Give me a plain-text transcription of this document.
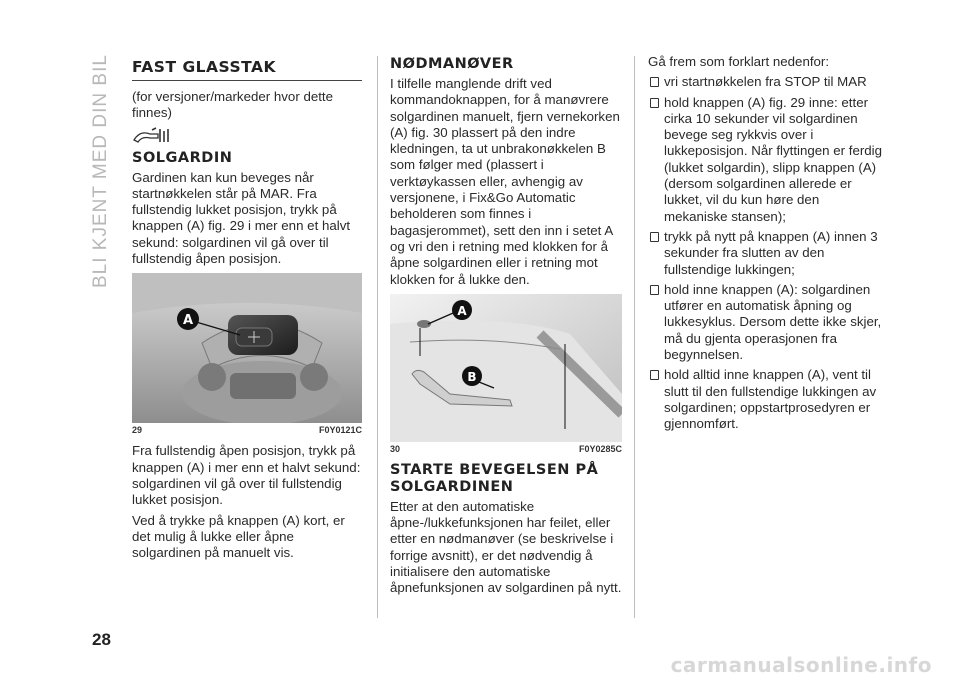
BLI KJENT MED DIN BIL FAST GLASSTAK

(for versjoner/markeder hvor dette finnes)

SOLGARDIN

Gardinen kan kun beveges når startnøkkelen står på MAR. Fra fullstendig lukket posisjon, trykk på knappen (A) fig. 29 i mer enn et halvt sekund: solgardinen vil gå over til fullstendig åpen posisjon.

A
29	F0Y0121C

Fra fullstendig åpen posisjon, trykk på knappen (A) i mer enn et halvt sekund: solgardinen vil gå over til fullstendig lukket posisjon.

Ved å trykke på knappen (A) kort, er det mulig å lukke eller åpne solgardinen på manuelt vis.

NØDMANØVER

I tilfelle manglende drift ved kommandoknappen, for å manøvrere solgardinen manuelt, fjern vernekorken (A) fig. 30 plassert på den indre kledningen, ta ut unbrakonøkkelen B som følger med (plassert i verktøykassen eller, avhengig av versjonene, i Fix&Go Automatic beholderen som finnes i bagasjerommet), sett den inn i setet A og vri den i retning med klokken for å åpne solgardinen eller i retning mot klokken for å lukke den.

A
B
30	F0Y0285C
STARTE BEVEGELSEN PÅ SOLGARDINEN

Etter at den automatiske åpne-/lukkefunksjonen har feilet, eller etter en nødmanøver (se beskrivelse i forrige avsnitt), er det nødvendig å initialisere den automatiske åpnefunksjonen av solgardinen på nytt.

Gå frem som forklart nedenfor:

vri startnøkkelen fra STOP til MAR

hold knappen (A) fig. 29 inne: etter cirka 10 sekunder vil solgardinen bevege seg rykkvis over i lukkeposisjon. Når flyttingen er ferdig (lukket solgardin), slipp knappen (A) (dersom solgardinen allerede er lukket, vil du kun høre den mekaniske stansen);

trykk på nytt på knappen (A) innen 3 sekunder fra slutten av den fullstendige lukkingen;

hold inne knappen (A): solgardinen utfører en automatisk åpning og lukkesyklus. Dersom dette ikke skjer, må du gjenta operasjonen fra begynnelsen.

hold alltid inne knappen (A), vent til slutt til den fullstendige lukkingen av solgardinen; oppstartprosedyren er gjennomført.

28
carmanualsonline.info
